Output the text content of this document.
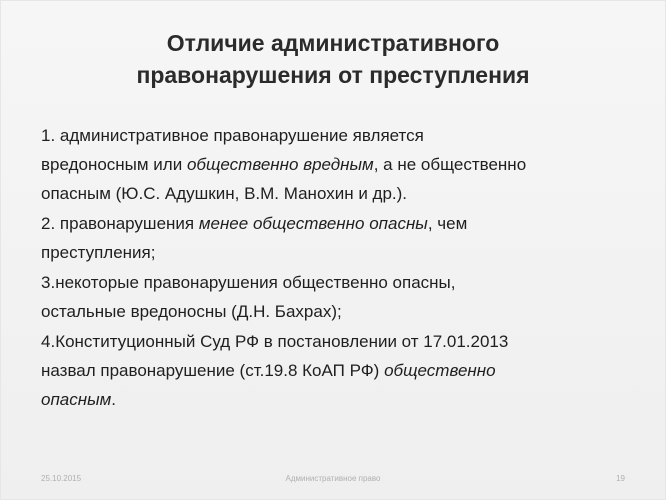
Отличие административного
правонарушения от преступления
1. административное правонарушение является
вредоносным или общественно вредным, а не общественно
опасным (Ю.С. Адушкин, В.М. Манохин и др.).
2. правонарушения менее общественно опасны, чем
преступления;
3.некоторые правонарушения общественно опасны,
остальные вредоносны (Д.Н. Бахрах);
4.Конституционный Суд РФ в постановлении от 17.01.2013
назвал правонарушение (ст.19.8 КоАП РФ) общественно
опасным.
25.10.2015	Административное право	19
